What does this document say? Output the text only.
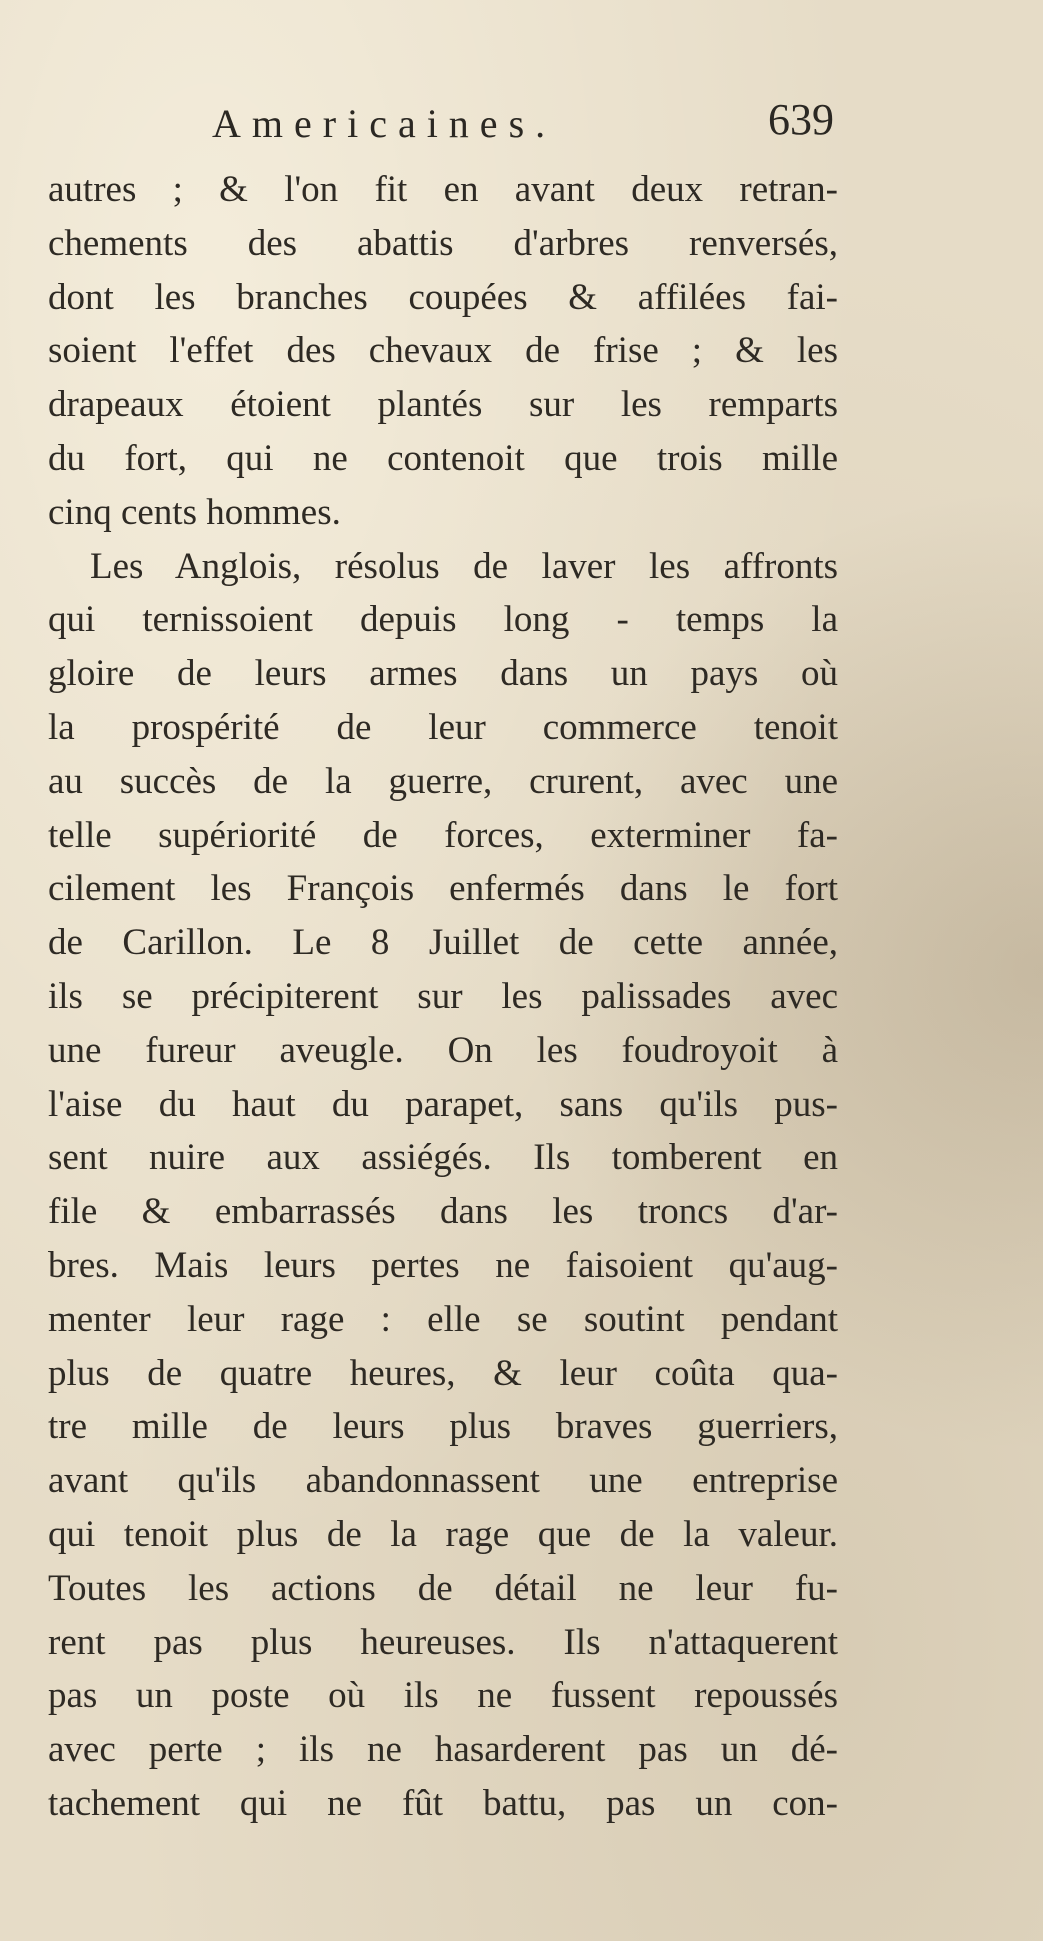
Americaines.	639
autres ; & l'on fit en avant deux retran-
chements des abattis d'arbres renversés,
dont les branches coupées & affilées fai-
soient l'effet des chevaux de frise ; & les
drapeaux étoient plantés sur les remparts
du fort, qui ne contenoit que trois mille
cinq cents hommes.
Les Anglois, résolus de laver les affronts
qui ternissoient depuis long - temps la
gloire de leurs armes dans un pays où
la prospérité de leur commerce tenoit
au succès de la guerre, crurent, avec une
telle supériorité de forces, exterminer fa-
cilement les François enfermés dans le fort
de Carillon. Le 8 Juillet de cette année,
ils se précipiterent sur les palissades avec
une fureur aveugle. On les foudroyoit à
l'aise du haut du parapet, sans qu'ils pus-
sent nuire aux assiégés. Ils tomberent en
file & embarrassés dans les troncs d'ar-
bres. Mais leurs pertes ne faisoient qu'aug-
menter leur rage : elle se soutint pendant
plus de quatre heures, & leur coûta qua-
tre mille de leurs plus braves guerriers,
avant qu'ils abandonnassent une entreprise
qui tenoit plus de la rage que de la valeur.
Toutes les actions de détail ne leur fu-
rent pas plus heureuses. Ils n'attaquerent
pas un poste où ils ne fussent repoussés
avec perte ; ils ne hasarderent pas un dé-
tachement qui ne fût battu, pas un con-
